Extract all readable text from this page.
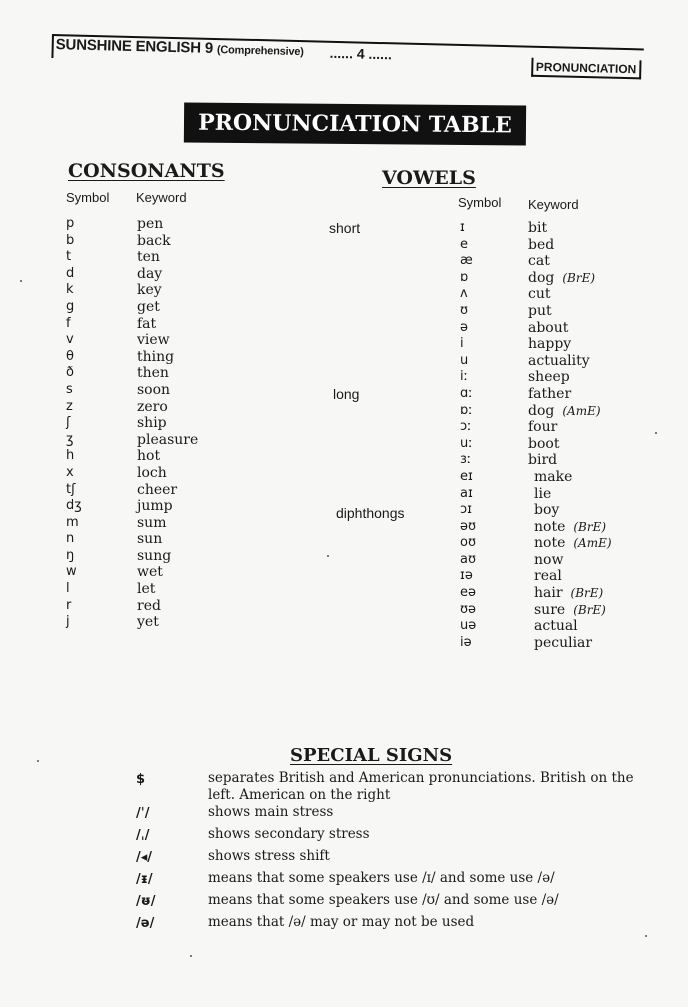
SUNSHINE ENGLISH 9 (Comprehensive) ...... 4 ......
PRONUNCIATION
PRONUNCIATION TABLE
CONSONANTS
Symbol Keyword
p	pen
b	back
t	ten
d	day
k	key
g	get
f	fat
v	view
θ	thing
ð	then
s	soon
z	zero
ʃ	ship
ʒ	pleasure
h	hot
x	loch
tʃ	cheer
dʒ	jump
m	sum
n	sun
ŋ	sung
w	wet
l	let
r	red
j	yet
VOWELS
Symbol Keyword
short
long
diphthongs
ɪ	bit
e	bed
æ	cat
ɒ	dog (BrE)
ʌ	cut
ʊ	put
ə	about
i	happy
u	actuality
iː	sheep
ɑː	father
ɒː	dog (AmE)
ɔː	four
uː	boot
ɜː	bird
eɪ	make
aɪ	lie
ɔɪ	boy
əʊ	note (BrE)
oʊ	note (AmE)
aʊ	now
ɪə	real
eə	hair (BrE)
ʊə	sure (BrE)
uə	actual
iə	peculiar
SPECIAL SIGNS
$	separates British and American pronunciations. British on the left. American on the right
/ˈ/	shows main stress
/ˌ/	shows secondary stress
/◂/	shows stress shift
/ɪ̵/	means that some speakers use /ɪ/ and some use /ə/
/ʊ̵/	means that some speakers use /ʊ/ and some use /ə/
/ə/	means that /ə/ may or may not be used
